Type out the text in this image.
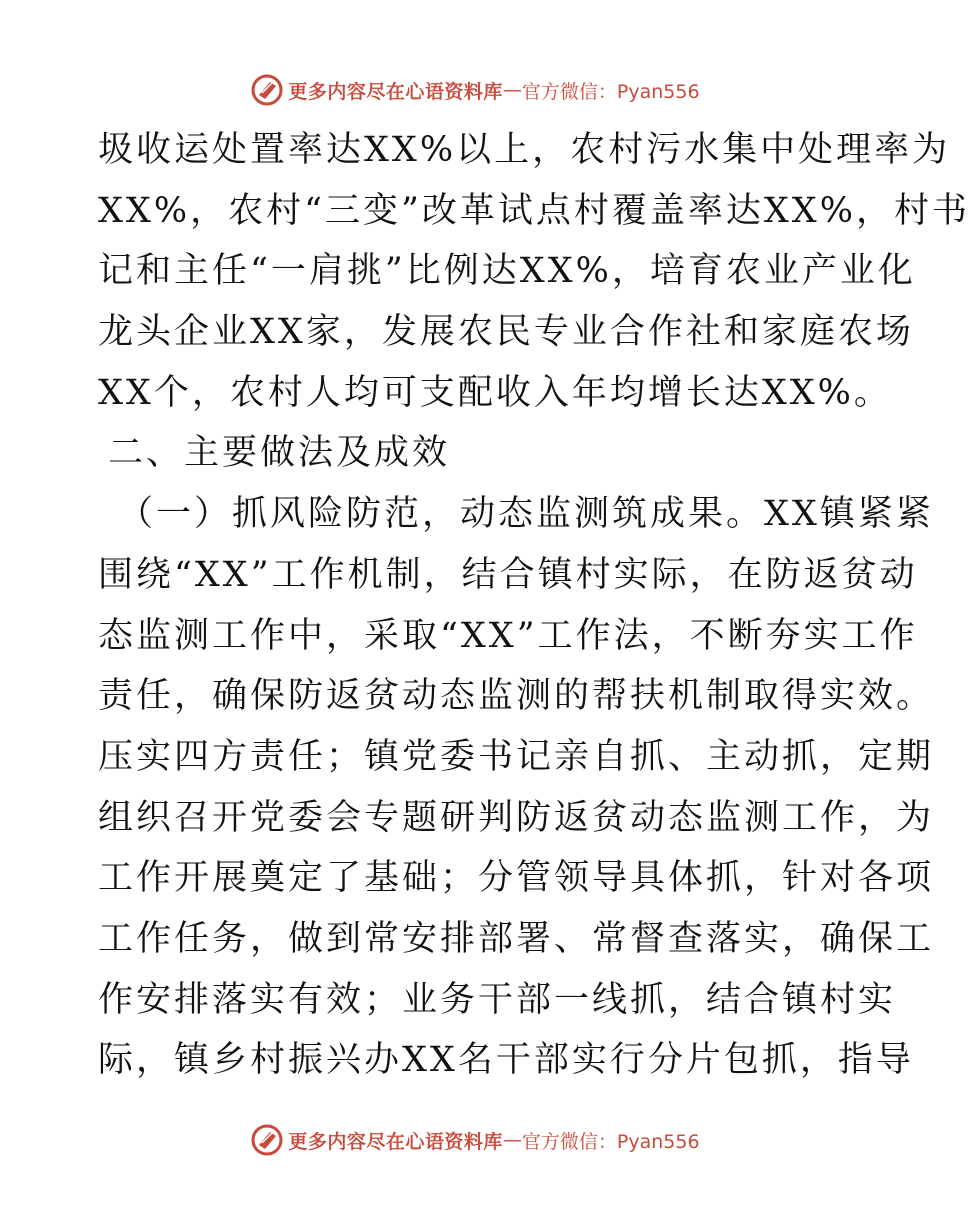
更多内容尽在心语资料库 — 官方微信：Pyan556
圾收运处置率达XX%以上，农村污水集中处理率为
XX%，农村“三变”改革试点村覆盖率达XX%，村书
记和主任“一肩挑”比例达XX%，培育农业产业化
龙头企业XX家，发展农民专业合作社和家庭农场
XX个，农村人均可支配收入年均增长达XX%。
二、主要做法及成效
（一）抓风险防范，动态监测筑成果。XX镇紧紧
围绕“XX”工作机制，结合镇村实际，在防返贫动
态监测工作中，采取“XX”工作法，不断夯实工作
责任，确保防返贫动态监测的帮扶机制取得实效。
压实四方责任；镇党委书记亲自抓、主动抓，定期
组织召开党委会专题研判防返贫动态监测工作，为
工作开展奠定了基础；分管领导具体抓，针对各项
工作任务，做到常安排部署、常督查落实，确保工
作安排落实有效；业务干部一线抓，结合镇村实
际，镇乡村振兴办XX名干部实行分片包抓，指导
更多内容尽在心语资料库 — 官方微信：Pyan556
